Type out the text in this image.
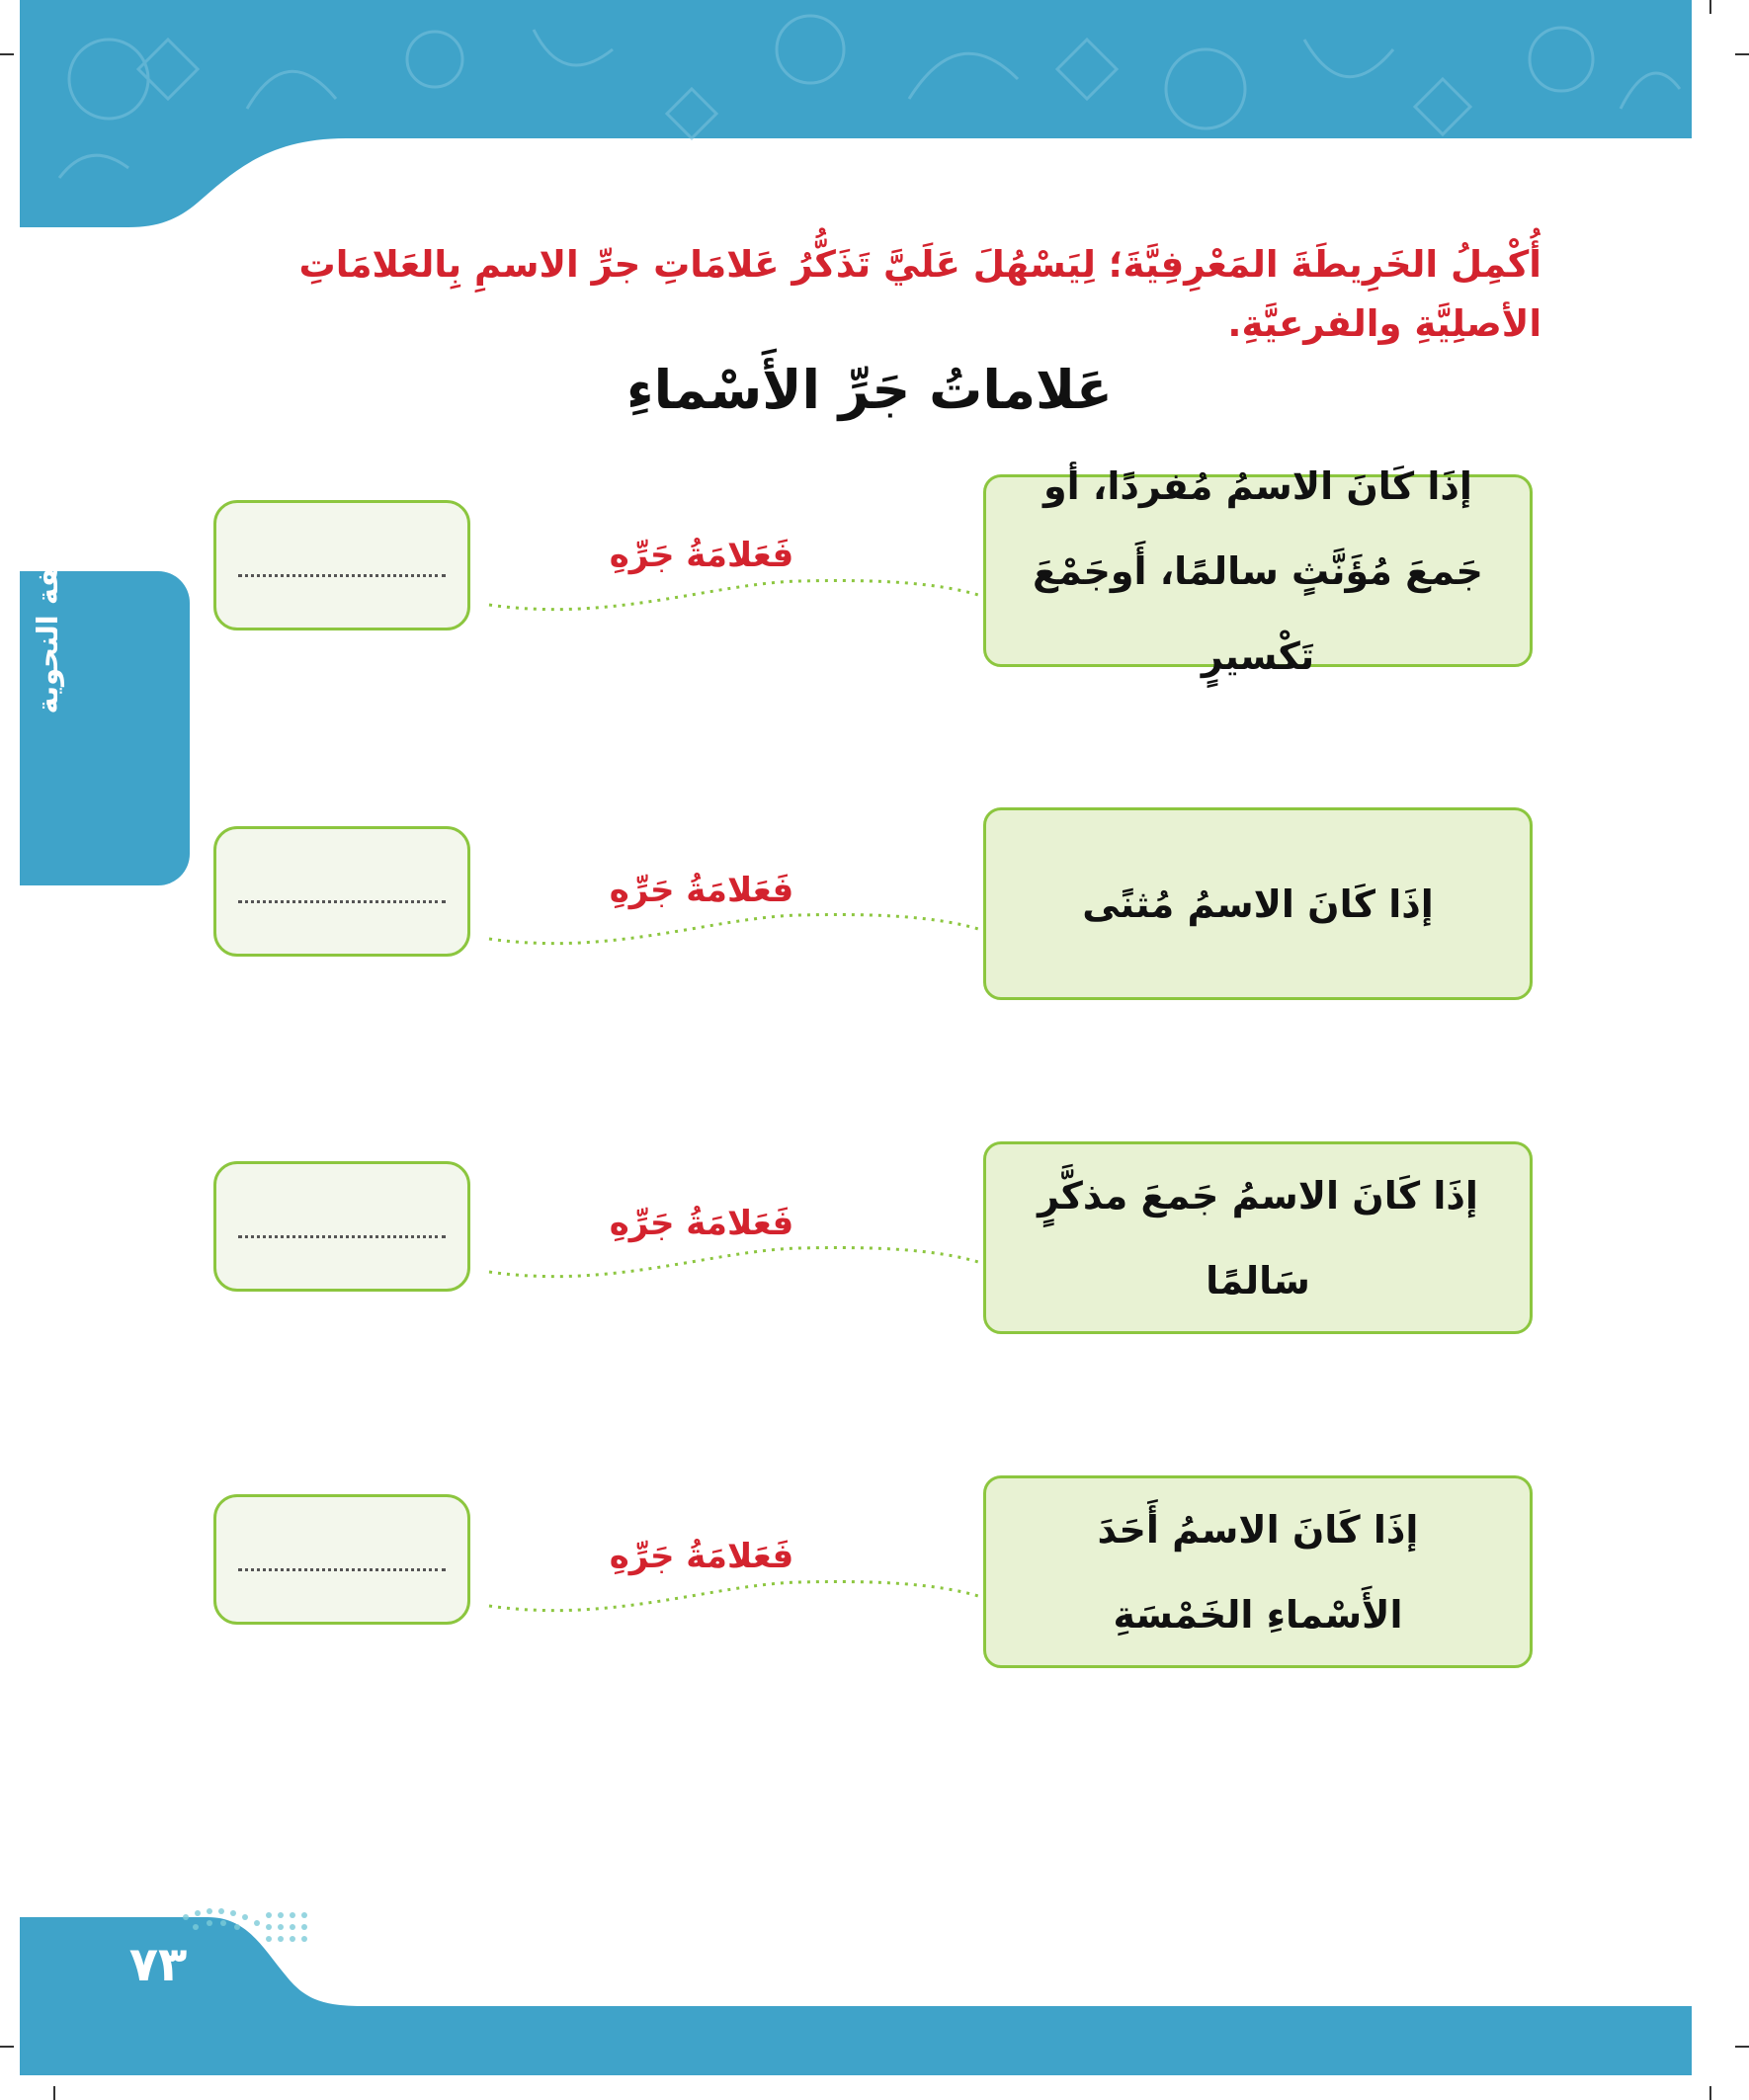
أُكْمِلُ الخَرِيطَةَ المَعْرِفِيَّةَ؛ لِيَسْهُلَ عَلَيَّ تَذَكُّرُ عَلامَاتِ جرِّ الاسمِ بِالعَلامَاتِ الأصلِيَّةِ والفرعيَّةِ.
عَلاماتُ جَرِّ الأَسْماءِ
الوظيفة النحوية
إذَا كَانَ الاسمُ مُفردًا، أو جَمعَ مُؤَنَّثٍ سالمًا، أَوجَمْعَ تَكْسيرٍ
فَعَلامَةُ جَرِّهِ
إذَا كَانَ الاسمُ مُثنًى
فَعَلامَةُ جَرِّهِ
إذَا كَانَ الاسمُ جَمعَ مذكَّرٍ سَالمًا
فَعَلامَةُ جَرِّهِ
إذَا كَانَ الاسمُ أَحَدَ الأَسْماءِ الخَمْسَةِ
فَعَلامَةُ جَرِّهِ
٧٣
